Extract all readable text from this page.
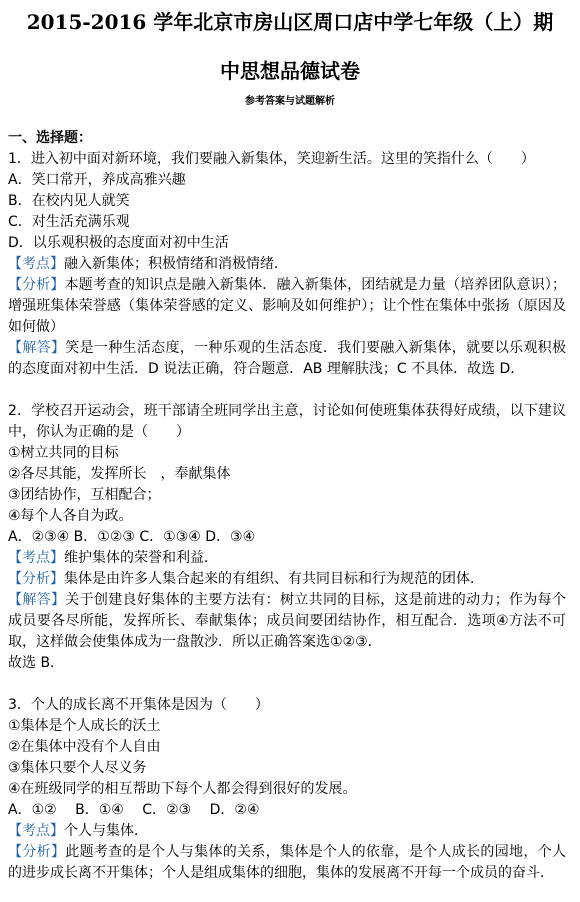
2015-2016 学年北京市房山区周口店中学七年级（上）期
中思想品德试卷
参考答案与试题解析
一、选择题：
1．进入初中面对新环境，我们要融入新集体，笑迎新生活。这里的笑指什么（　　）
A．笑口常开，养成高雅兴趣
B．在校内见人就笑
C．对生活充满乐观
D．以乐观积极的态度面对初中生活
【考点】融入新集体；积极情绪和消极情绪．
【分析】本题考查的知识点是融入新集体．融入新集体，团结就是力量（培养团队意识）；增强班集体荣誉感（集体荣誉感的定义、影响及如何维护）；让个性在集体中张扬（原因及如何做）
【解答】笑是一种生活态度，一种乐观的生活态度．我们要融入新集体，就要以乐观积极的态度面对初中生活．D 说法正确，符合题意．AB 理解肤浅；C 不具体．故选 D．
2．学校召开运动会，班干部请全班同学出主意，讨论如何使班集体获得好成绩，以下建议中，你认为正确的是（　　）
①树立共同的目标
②各尽其能，发挥所长　，奉献集体
③团结协作，互相配合；
④每个人各自为政。
A．②③④ B．①②③ C．①③④ D．③④
【考点】维护集体的荣誉和利益．
【分析】集体是由许多人集合起来的有组织、有共同目标和行为规范的团体．
【解答】关于创建良好集体的主要方法有：树立共同的目标，这是前进的动力；作为每个成员要各尽所能，发挥所长、奉献集体；成员间要团结协作，相互配合．选项④方法不可取，这样做会使集体成为一盘散沙．所以正确答案选①②③．
故选 B．
3．个人的成长离不开集体是因为（　　）
①集体是个人成长的沃土
②在集体中没有个人自由
③集体只要个人尽义务
④在班级同学的相互帮助下每个人都会得到很好的发展。
A．①②　 B．①④　 C．②③　 D．②④
【考点】个人与集体．
【分析】此题考查的是个人与集体的关系，集体是个人的依靠，是个人成长的园地，个人的进步成长离不开集体；个人是组成集体的细胞，集体的发展离不开每一个成员的奋斗．
